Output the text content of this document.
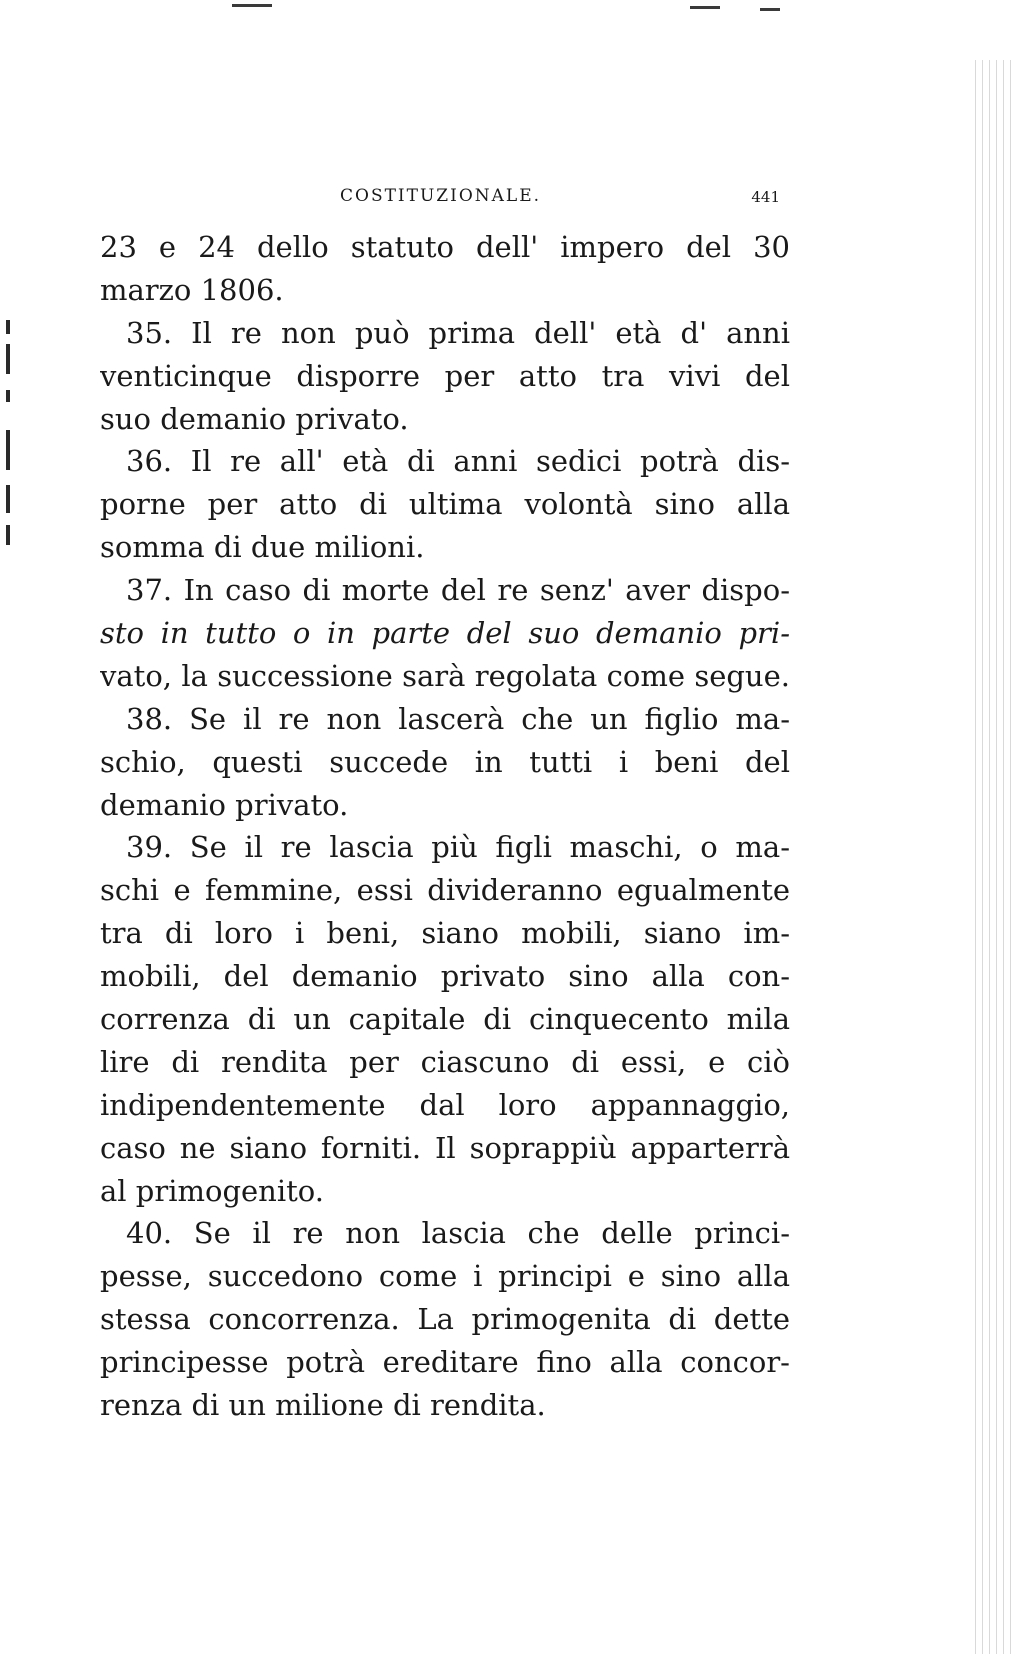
COSTITUZIONALE.	441
23 e 24 dello statuto dell' impero del 30
marzo 1806.
35. Il re non può prima dell' età d' anni
venticinque disporre per atto tra vivi del
suo demanio privato.
36. Il re all' età di anni sedici potrà dis-
porne per atto di ultima volontà sino alla
somma di due milioni.
37. In caso di morte del re senz' aver dispo-
sto in tutto o in parte del suo demanio pri-
vato, la successione sarà regolata come segue.
38. Se il re non lascerà che un figlio ma-
schio, questi succede in tutti i beni del
demanio privato.
39. Se il re lascia più figli maschi, o ma-
schi e femmine, essi divideranno egualmente
tra di loro i beni, siano mobili, siano im-
mobili, del demanio privato sino alla con-
correnza di un capitale di cinquecento mila
lire di rendita per ciascuno di essi, e ciò
indipendentemente dal loro appannaggio,
caso ne siano forniti. Il soprappiù apparterrà
al primogenito.
40. Se il re non lascia che delle princi-
pesse, succedono come i principi e sino alla
stessa concorrenza. La primogenita di dette
principesse potrà ereditare fino alla concor-
renza di un milione di rendita.
